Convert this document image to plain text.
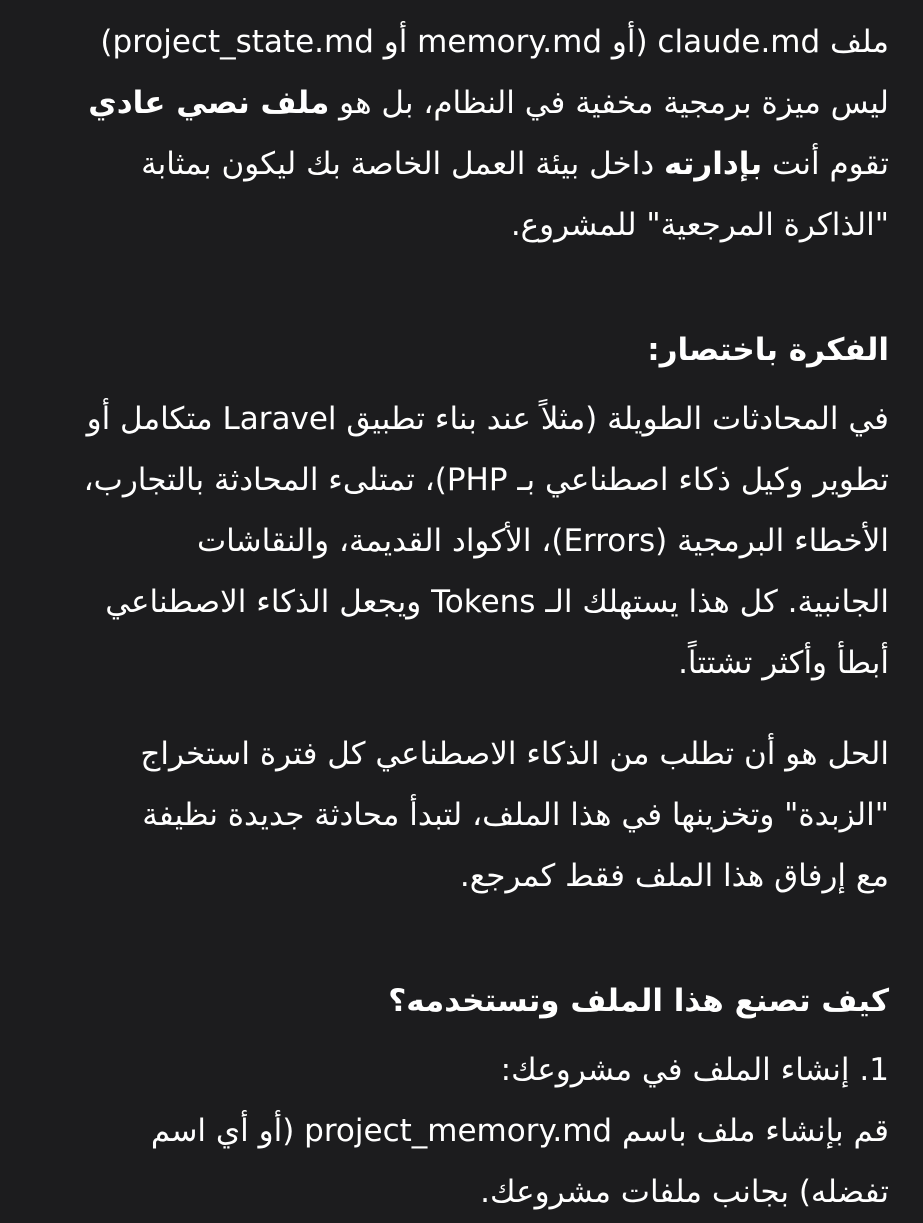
ملف claude.md (أو memory.md أو project_state.md)

ليس ميزة برمجية مخفية في النظام، بل هو ملف نصي عادي

تقوم أنت بإدارته داخل بيئة العمل الخاصة بك ليكون بمثابة

"الذاكرة المرجعية" للمشروع.

الفكرة باختصار:

في المحادثات الطويلة (مثلاً عند بناء تطبيق Laravel متكامل أو

تطوير وكيل ذكاء اصطناعي بـ PHP)، تمتلىء المحادثة بالتجارب،

الأخطاء البرمجية (Errors)، الأكواد القديمة، والنقاشات

الجانبية. كل هذا يستهلك الـ Tokens ويجعل الذكاء الاصطناعي

أبطأ وأكثر تشتتاً.

الحل هو أن تطلب من الذكاء الاصطناعي كل فترة استخراج

"الزبدة" وتخزينها في هذا الملف، لتبدأ محادثة جديدة نظيفة

مع إرفاق هذا الملف فقط كمرجع.

كيف تصنع هذا الملف وتستخدمه؟

1. إنشاء الملف في مشروعك:

قم بإنشاء ملف باسم project_memory.md (أو أي اسم

تفضله) بجانب ملفات مشروعك.
